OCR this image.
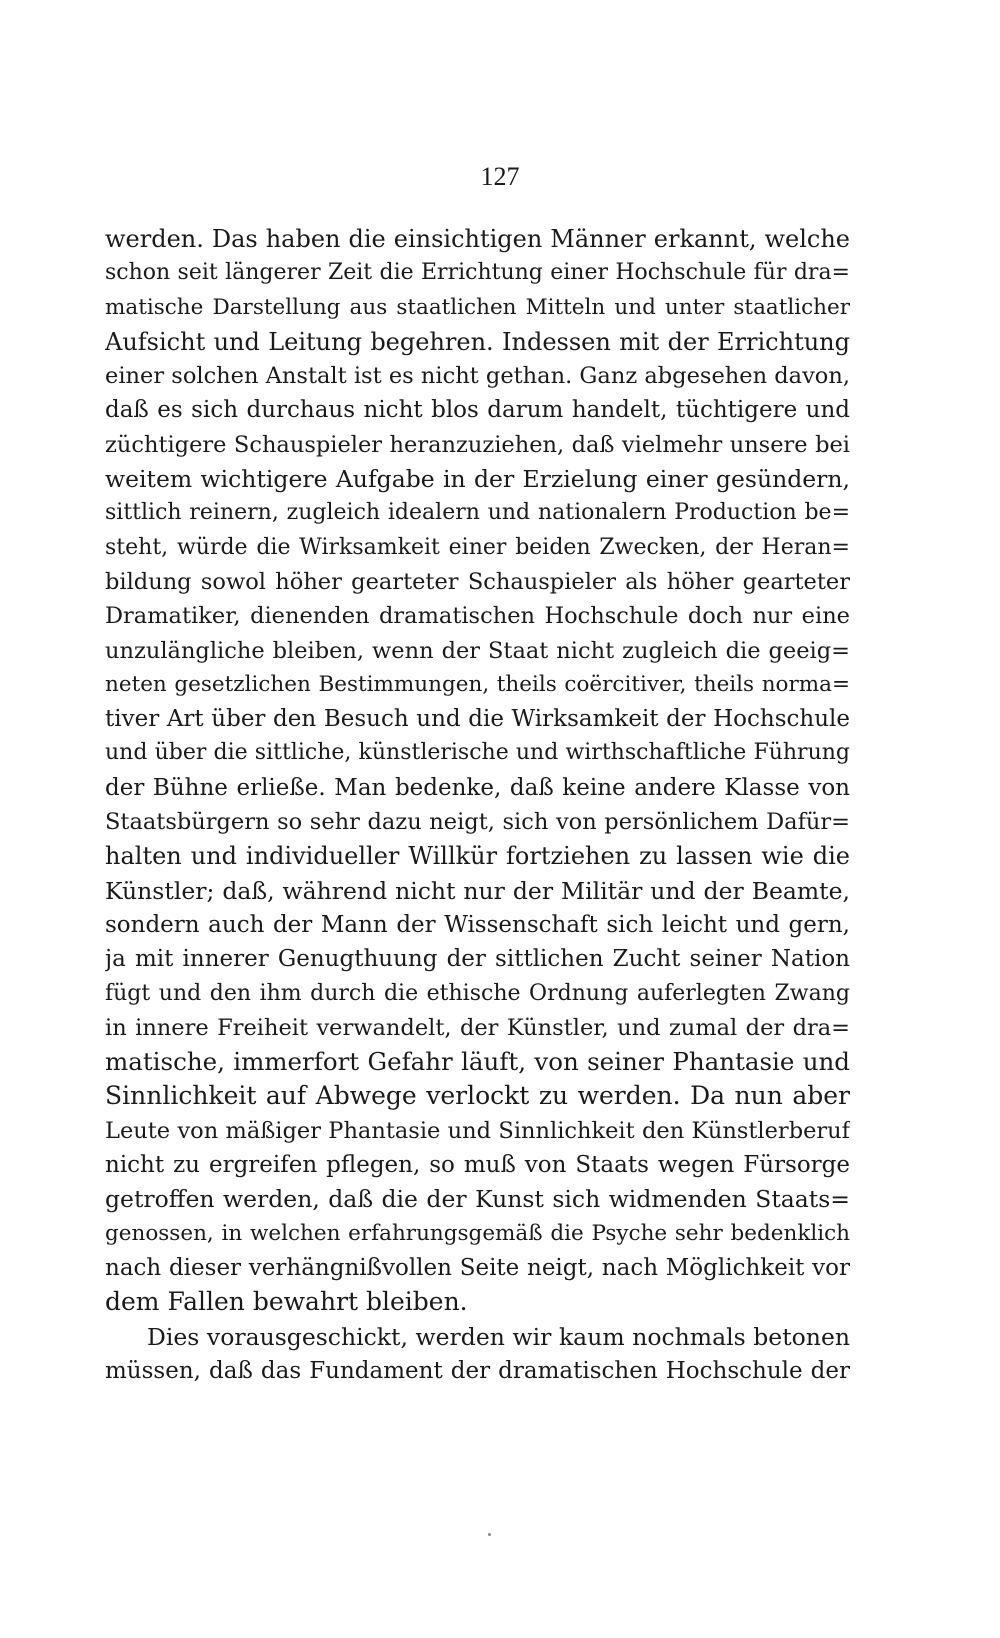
127
werden. Das haben die einsichtigen Männer erkannt, welche
schon seit längerer Zeit die Errichtung einer Hochschule für dra=
matische Darstellung aus staatlichen Mitteln und unter staatlicher
Aufsicht und Leitung begehren. Indessen mit der Errichtung
einer solchen Anstalt ist es nicht gethan. Ganz abgesehen davon,
daß es sich durchaus nicht blos darum handelt, tüchtigere und
züchtigere Schauspieler heranzuziehen, daß vielmehr unsere bei
weitem wichtigere Aufgabe in der Erzielung einer gesündern,
sittlich reinern, zugleich idealern und nationalern Production be=
steht, würde die Wirksamkeit einer beiden Zwecken, der Heran=
bildung sowol höher gearteter Schauspieler als höher gearteter
Dramatiker, dienenden dramatischen Hochschule doch nur eine
unzulängliche bleiben, wenn der Staat nicht zugleich die geeig=
neten gesetzlichen Bestimmungen, theils coërcitiver, theils norma=
tiver Art über den Besuch und die Wirksamkeit der Hochschule
und über die sittliche, künstlerische und wirthschaftliche Führung
der Bühne erließe. Man bedenke, daß keine andere Klasse von
Staatsbürgern so sehr dazu neigt, sich von persönlichem Dafür=
halten und individueller Willkür fortziehen zu lassen wie die
Künstler; daß, während nicht nur der Militär und der Beamte,
sondern auch der Mann der Wissenschaft sich leicht und gern,
ja mit innerer Genugthuung der sittlichen Zucht seiner Nation
fügt und den ihm durch die ethische Ordnung auferlegten Zwang
in innere Freiheit verwandelt, der Künstler, und zumal der dra=
matische, immerfort Gefahr läuft, von seiner Phantasie und
Sinnlichkeit auf Abwege verlockt zu werden. Da nun aber
Leute von mäßiger Phantasie und Sinnlichkeit den Künstlerberuf
nicht zu ergreifen pflegen, so muß von Staats wegen Fürsorge
getroffen werden, daß die der Kunst sich widmenden Staats=
genossen, in welchen erfahrungsgemäß die Psyche sehr bedenklich
nach dieser verhängnißvollen Seite neigt, nach Möglichkeit vor
dem Fallen bewahrt bleiben.
Dies vorausgeschickt, werden wir kaum nochmals betonen
müssen, daß das Fundament der dramatischen Hochschule der
